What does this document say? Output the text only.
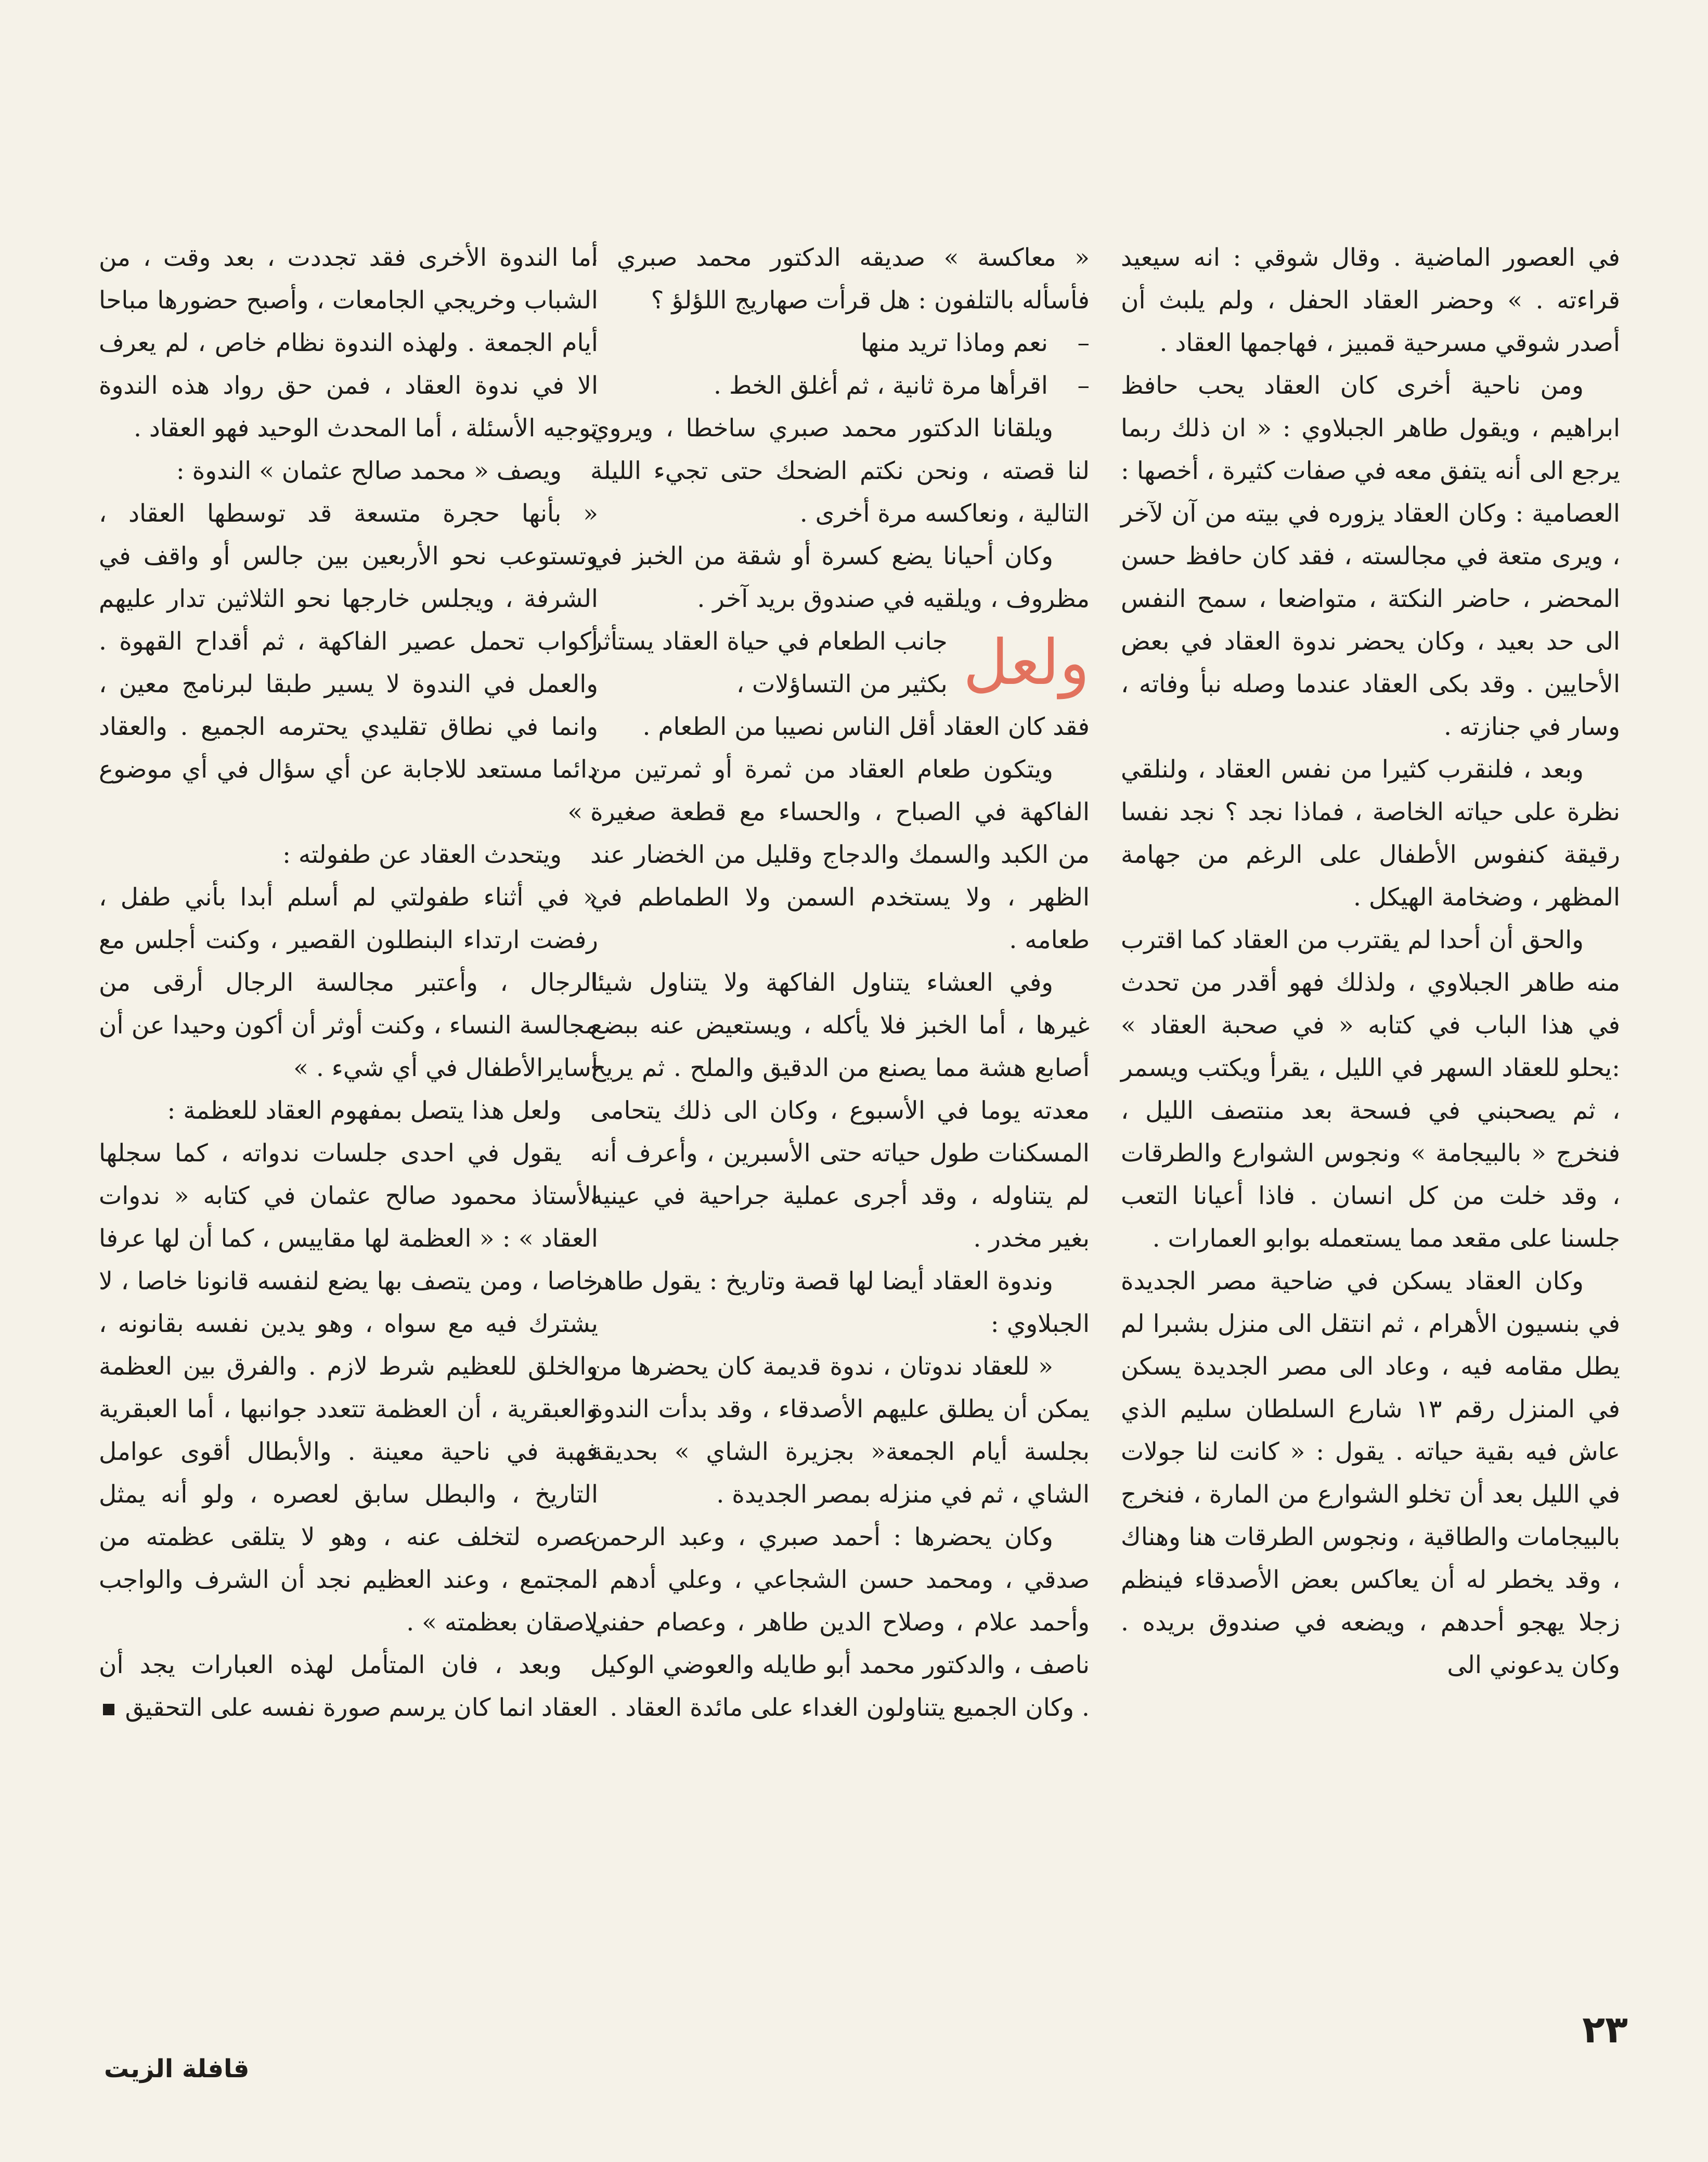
في العصور الماضية . وقال شوقي : انه سيعيد قراءته . » وحضر العقاد الحفل ، ولم يلبث أن أصدر شوقي مسرحية قمبيز ، فهاجمها العقاد .

ومن ناحية أخرى كان العقاد يحب حافظ ابراهيم ، ويقول طاهر الجبلاوي : « ان ذلك ربما يرجع الى أنه يتفق معه في صفات كثيرة ، أخصها : العصامية : وكان العقاد يزوره في بيته من آن لآخر ، ويرى متعة في مجالسته ، فقد كان حافظ حسن المحضر ، حاضر النكتة ، متواضعا ، سمح النفس الى حد بعيد ، وكان يحضر ندوة العقاد في بعض الأحايين . وقد بكى العقاد عندما وصله نبأ وفاته ، وسار في جنازته .

وبعد ، فلنقرب كثيرا من نفس العقاد ، ولنلقي نظرة على حياته الخاصة ، فماذا نجد ؟ نجد نفسا رقيقة كنفوس الأطفال على الرغم من جهامة المظهر ، وضخامة الهيكل .

والحق أن أحدا لم يقترب من العقاد كما اقترب منه طاهر الجبلاوي ، ولذلك فهو أقدر من تحدث في هذا الباب في كتابه « في صحبة العقاد » :يحلو للعقاد السهر في الليل ، يقرأ ويكتب ويسمر ، ثم يصحبني في فسحة بعد منتصف الليل ، فنخرج « بالبيجامة » ونجوس الشوارع والطرقات ، وقد خلت من كل انسان . فاذا أعيانا التعب جلسنا على مقعد مما يستعمله بوابو العمارات .

وكان العقاد يسكن في ضاحية مصر الجديدة في بنسيون الأهرام ، ثم انتقل الى منزل بشبرا لم يطل مقامه فيه ، وعاد الى مصر الجديدة يسكن في المنزل رقم ١٣ شارع السلطان سليم الذي عاش فيه بقية حياته . يقول : « كانت لنا جولات في الليل بعد أن تخلو الشوارع من المارة ، فنخرج بالبيجامات والطاقية ، ونجوس الطرقات هنا وهناك ، وقد يخطر له أن يعاكس بعض الأصدقاء فينظم زجلا يهجو أحدهم ، ويضعه في صندوق بريده . وكان يدعوني الى

« معاكسة » صديقه الدكتور محمد صبري ، فأسأله بالتلفون : هل قرأت صهاريج اللؤلؤ ؟

– نعم وماذا تريد منها

– اقرأها مرة ثانية ، ثم أغلق الخط .

ويلقانا الدكتور محمد صبري ساخطا ، ويروي لنا قصته ، ونحن نكتم الضحك حتى تجيء الليلة التالية ، ونعاكسه مرة أخرى .

وكان أحيانا يضع كسرة أو شقة من الخبز في مظروف ، ويلقيه في صندوق بريد آخر .

ولعل
جانب الطعام في حياة العقاد يستأثر بكثير من التساؤلات ،

فقد كان العقاد أقل الناس نصيبا من الطعام .

ويتكون طعام العقاد من ثمرة أو ثمرتين من الفاكهة في الصباح ، والحساء مع قطعة صغيرة من الكبد والسمك والدجاج وقليل من الخضار عند الظهر ، ولا يستخدم السمن ولا الطماطم في طعامه .

وفي العشاء يتناول الفاكهة ولا يتناول شيئا غيرها ، أما الخبز فلا يأكله ، ويستعيض عنه ببضع أصابع هشة مما يصنع من الدقيق والملح . ثم يريح معدته يوما في الأسبوع ، وكان الى ذلك يتحامى المسكنات طول حياته حتى الأسبرين ، وأعرف أنه لم يتناوله ، وقد أجرى عملية جراحية في عينيه بغير مخدر .

وندوة العقاد أيضا لها قصة وتاريخ : يقول طاهر الجبلاوي :

« للعقاد ندوتان ، ندوة قديمة كان يحضرها من يمكن أن يطلق عليهم الأصدقاء ، وقد بدأت الندوة بجلسة أيام الجمعة« بجزيرة الشاي » بحديقة الشاي ، ثم في منزله بمصر الجديدة .

وكان يحضرها : أحمد صبري ، وعبد الرحمن صدقي ، ومحمد حسن الشجاعي ، وعلي أدهم ، وأحمد علام ، وصلاح الدين طاهر ، وعصام حفني ناصف ، والدكتور محمد أبو طايله والعوضي الوكيل . وكان الجميع يتناولون الغداء على مائدة العقاد .

أما الندوة الأخرى فقد تجددت ، بعد وقت ، من الشباب وخريجي الجامعات ، وأصبح حضورها مباحا أيام الجمعة . ولهذه الندوة نظام خاص ، لم يعرف الا في ندوة العقاد ، فمن حق رواد هذه الندوة توجيه الأسئلة ، أما المحدث الوحيد فهو العقاد .

ويصف « محمد صالح عثمان » الندوة :

« بأنها حجرة متسعة قد توسطها العقاد ، وتستوعب نحو الأربعين بين جالس أو واقف في الشرفة ، ويجلس خارجها نحو الثلاثين تدار عليهم أكواب تحمل عصير الفاكهة ، ثم أقداح القهوة . والعمل في الندوة لا يسير طبقا لبرنامج معين ، وانما في نطاق تقليدي يحترمه الجميع . والعقاد دائما مستعد للاجابة عن أي سؤال في أي موضوع . »

ويتحدث العقاد عن طفولته :

« في أثناء طفولتي لم أسلم أبدا بأني طفل ، رفضت ارتداء البنطلون القصير ، وكنت أجلس مع الرجال ، وأعتبر مجالسة الرجال أرقى من مجالسة النساء ، وكنت أوثر أن أكون وحيدا عن أن أسايرالأطفال في أي شيء . »

ولعل هذا يتصل بمفهوم العقاد للعظمة :

يقول في احدى جلسات ندواته ، كما سجلها الأستاذ محمود صالح عثمان في كتابه « ندوات العقاد » : « العظمة لها مقاييس ، كما أن لها عرفا خاصا ، ومن يتصف بها يضع لنفسه قانونا خاصا ، لا يشترك فيه مع سواه ، وهو يدين نفسه بقانونه ، والخلق للعظيم شرط لازم . والفرق بين العظمة والعبقرية ، أن العظمة تتعدد جوانبها ، أما العبقرية فهبة في ناحية معينة . والأبطال أقوى عوامل التاريخ ، والبطل سابق لعصره ، ولو أنه يمثل عصره لتخلف عنه ، وهو لا يتلقى عظمته من المجتمع ، وعند العظيم نجد أن الشرف والواجب لاصقان بعظمته » .

وبعد ، فان المتأمل لهذه العبارات يجد أن العقاد انما كان يرسم صورة نفسه على التحقيق

٢٣
قافلة الزيت
